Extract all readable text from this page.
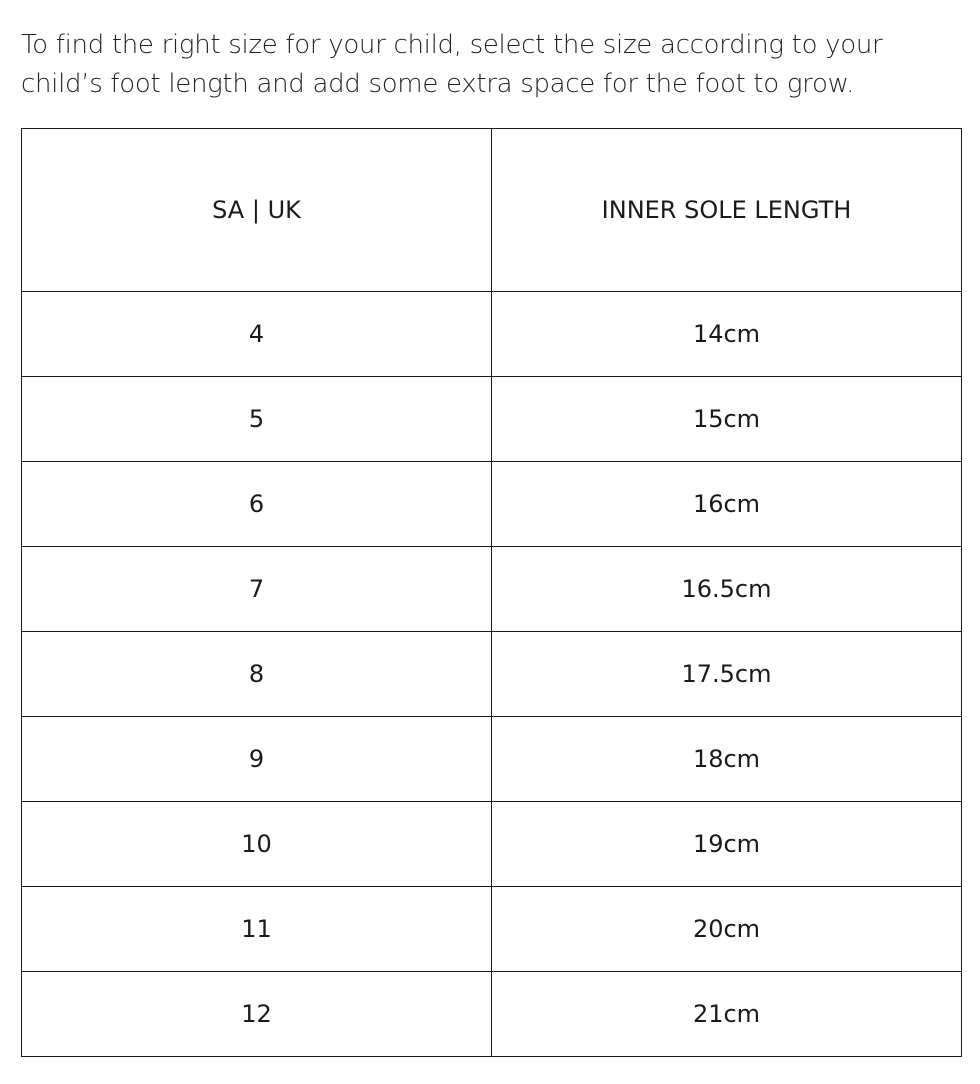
To find the right size for your child, select the size according to your
child’s foot length and add some extra space for the foot to grow.

SA | UK	INNER SOLE LENGTH
4	14cm
5	15cm
6	16cm
7	16.5cm
8	17.5cm
9	18cm
10	19cm
11	20cm
12	21cm
